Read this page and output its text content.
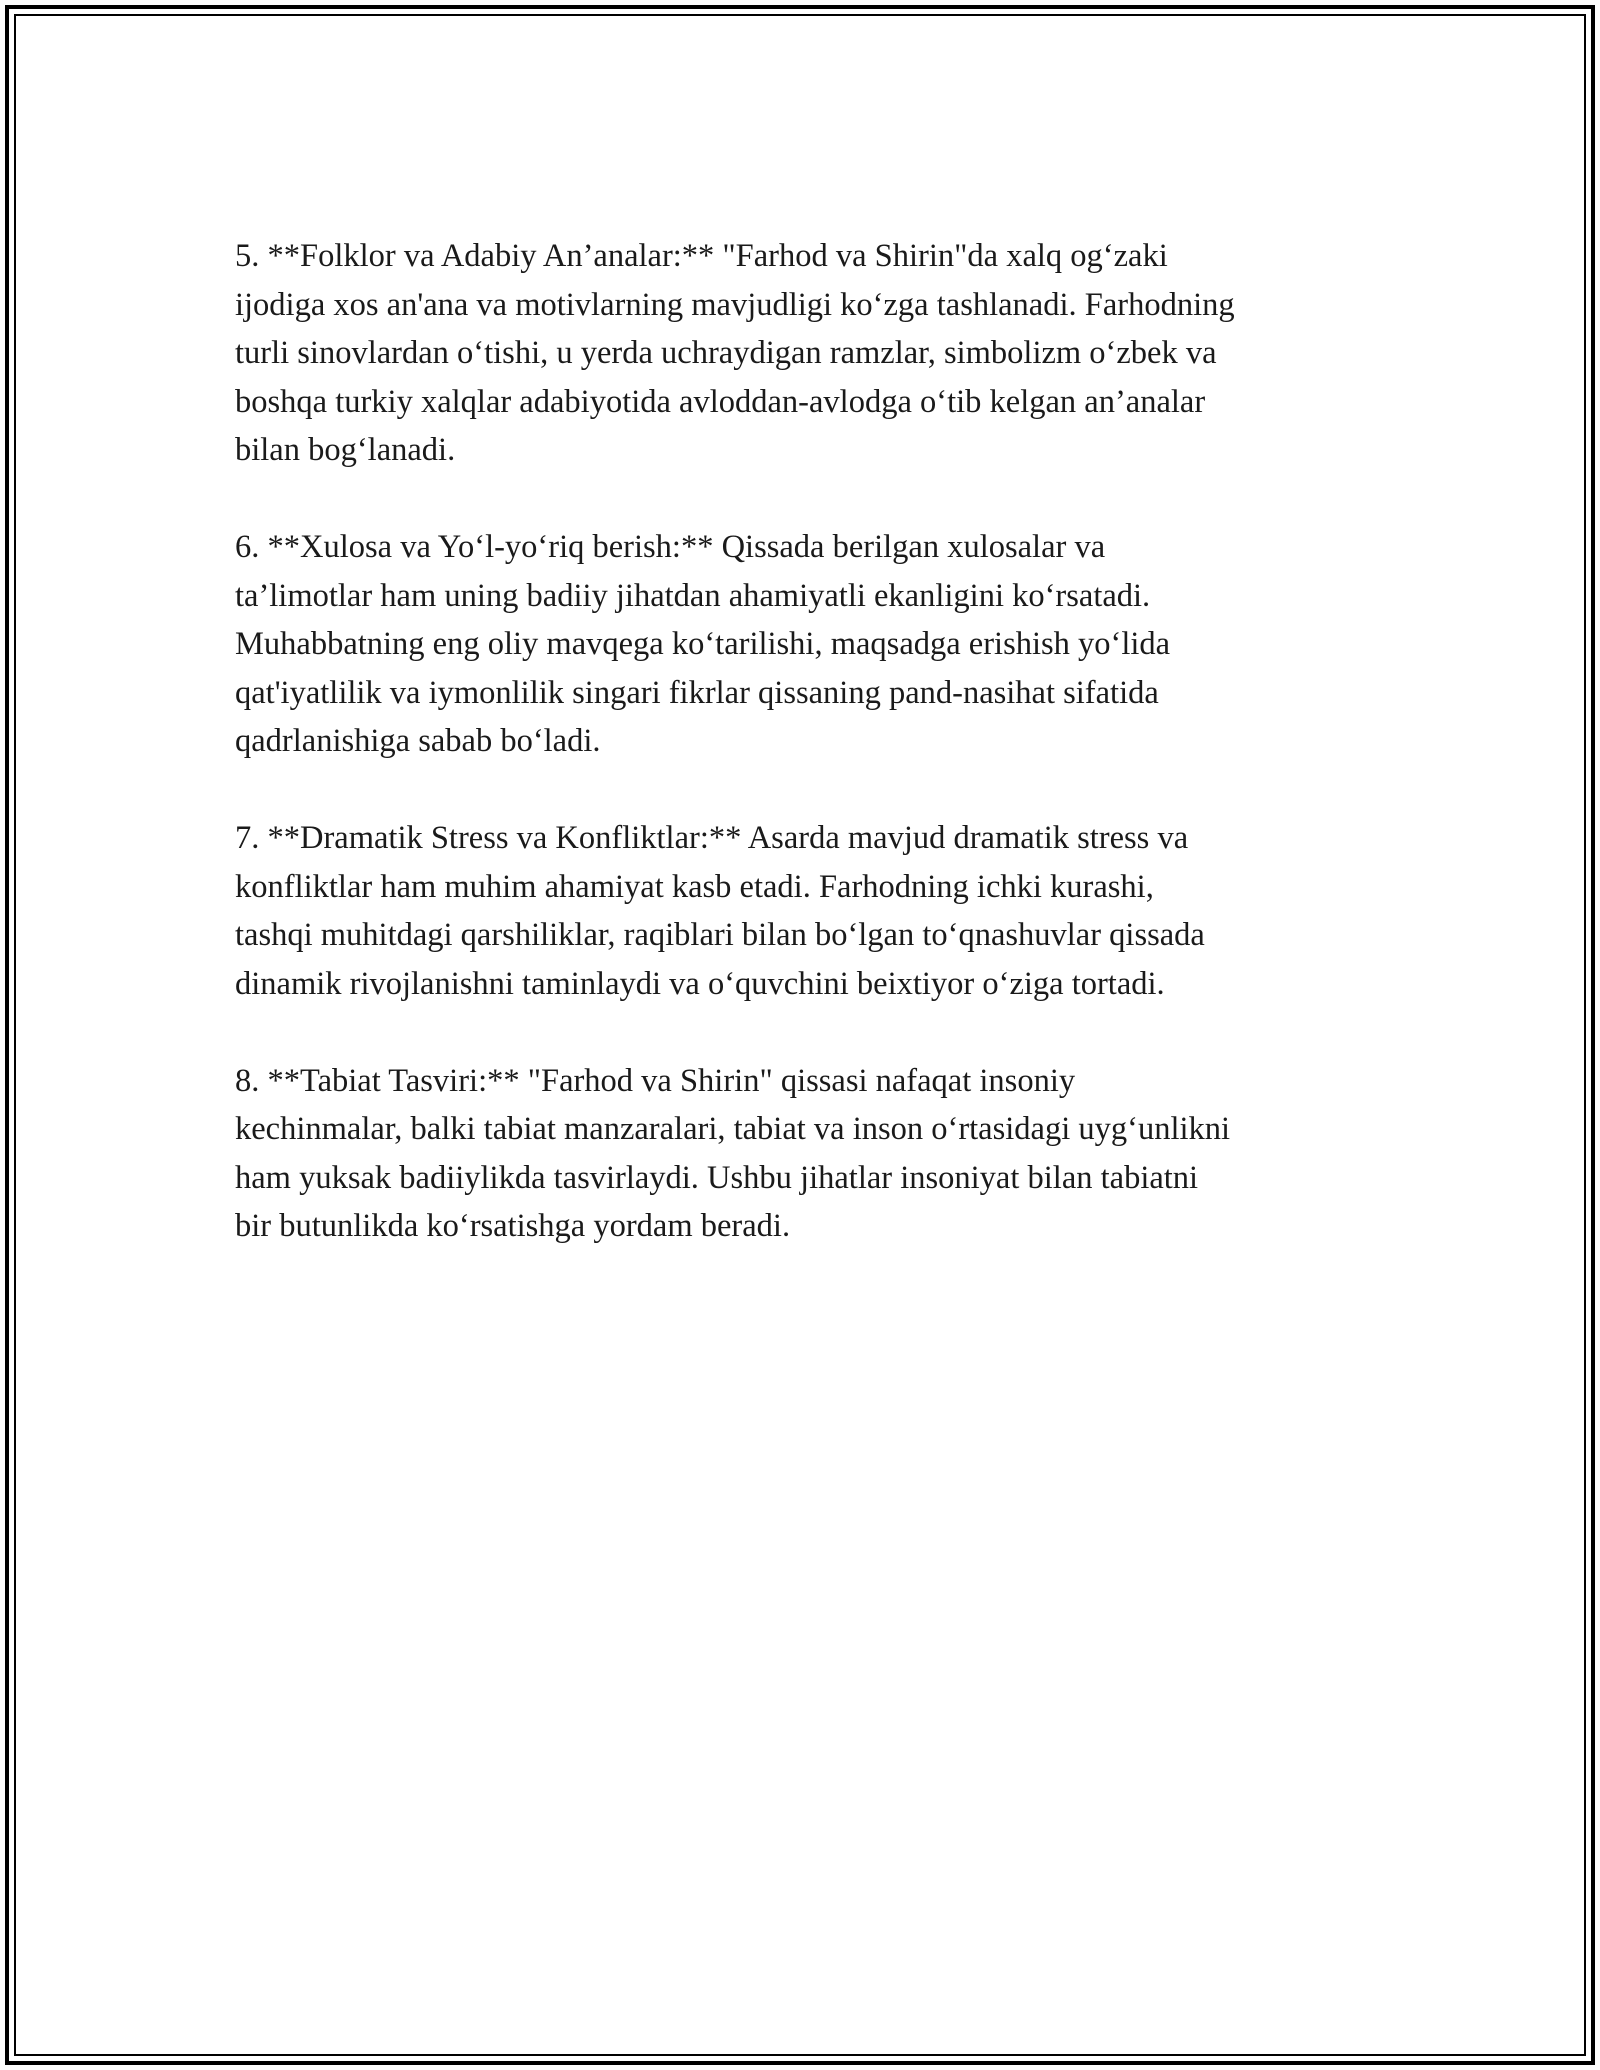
5. **Folklor va Adabiy An’analar:** "Farhod va Shirin"da xalq og‘zaki
ijodiga xos an'ana va motivlarning mavjudligi ko‘zga tashlanadi. Farhodning
turli sinovlardan o‘tishi, u yerda uchraydigan ramzlar, simbolizm o‘zbek va
boshqa turkiy xalqlar adabiyotida avloddan-avlodga o‘tib kelgan an’analar
bilan bog‘lanadi.

6. **Xulosa va Yo‘l-yo‘riq berish:** Qissada berilgan xulosalar va
ta’limotlar ham uning badiiy jihatdan ahamiyatli ekanligini ko‘rsatadi.
Muhabbatning eng oliy mavqega ko‘tarilishi, maqsadga erishish yo‘lida
qat'iyatlilik va iymonlilik singari fikrlar qissaning pand-nasihat sifatida
qadrlanishiga sabab bo‘ladi.

7. **Dramatik Stress va Konfliktlar:** Asarda mavjud dramatik stress va
konfliktlar ham muhim ahamiyat kasb etadi. Farhodning ichki kurashi,
tashqi muhitdagi qarshiliklar, raqiblari bilan bo‘lgan to‘qnashuvlar qissada
dinamik rivojlanishni taminlaydi va o‘quvchini beixtiyor o‘ziga tortadi.

8. **Tabiat Tasviri:** "Farhod va Shirin" qissasi nafaqat insoniy
kechinmalar, balki tabiat manzaralari, tabiat va inson o‘rtasidagi uyg‘unlikni
ham yuksak badiiylikda tasvirlaydi. Ushbu jihatlar insoniyat bilan tabiatni
bir butunlikda ko‘rsatishga yordam beradi.
